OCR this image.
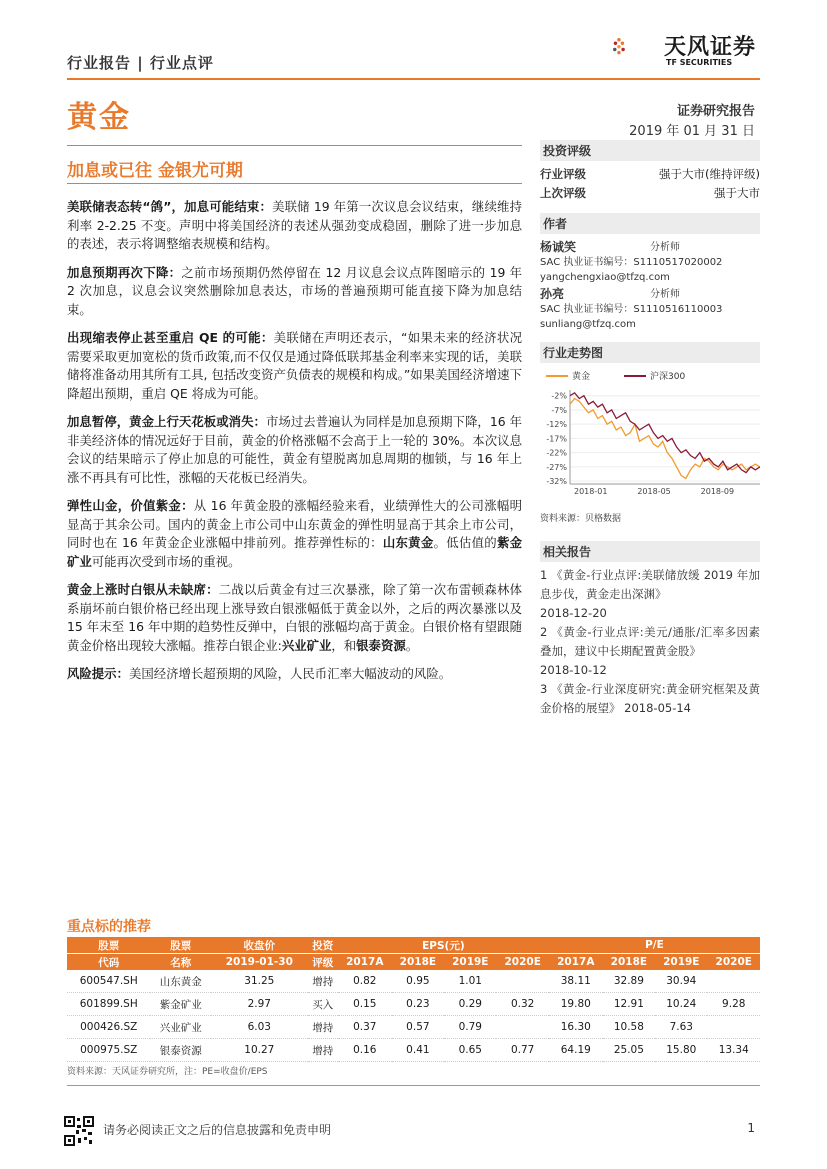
行业报告 | 行业点评
天风证券
TF SECURITIES
黄金	证券研究报告
2019 年 01 月 31 日
加息或已往 金银尤可期

美联储表态转“鸽”，加息可能结束：美联储 19 年第一次议息会议结束，继续维持利率 2-2.25 不变。声明中将美国经济的表述从强劲变成稳固，删除了进一步加息的表述，表示将调整缩表规模和结构。

加息预期再次下降：之前市场预期仍然停留在 12 月议息会议点阵图暗示的 19 年 2 次加息，议息会议突然删除加息表达，市场的普遍预期可能直接下降为加息结束。

出现缩表停止甚至重启 QE 的可能：美联储在声明还表示，“如果未来的经济状况需要采取更加宽松的货币政策,而不仅仅是通过降低联邦基金利率来实现的话，美联储将准备动用其所有工具, 包括改变资产负债表的规模和构成。”如果美国经济增速下降超出预期，重启 QE 将成为可能。

加息暂停，黄金上行天花板或消失：市场过去普遍认为同样是加息预期下降，16 年非美经济体的情况远好于目前，黄金的价格涨幅不会高于上一轮的 30%。本次议息会议的结果暗示了停止加息的可能性，黄金有望脱离加息周期的枷锁，与 16 年上涨不再具有可比性，涨幅的天花板已经消失。

弹性山金，价值紫金：从 16 年黄金股的涨幅经验来看，业绩弹性大的公司涨幅明显高于其余公司。国内的黄金上市公司中山东黄金的弹性明显高于其余上市公司，同时也在 16 年黄金企业涨幅中排前列。推荐弹性标的：山东黄金。低估值的紫金矿业可能再次受到市场的重视。

黄金上涨时白银从未缺席：二战以后黄金有过三次暴涨，除了第一次布雷顿森林体系崩坏前白银价格已经出现上涨导致白银涨幅低于黄金以外，之后的两次暴涨以及 15 年末至 16 年中期的趋势性反弹中，白银的涨幅均高于黄金。白银价格有望跟随黄金价格出现较大涨幅。推荐白银企业:兴业矿业，和银泰资源。

风险提示：美国经济增长超预期的风险，人民币汇率大幅波动的风险。

投资评级
行业评级	强于大市(维持评级)
上次评级	强于大市
作者
杨诚笑	分析师
SAC 执业证书编号：S1110517020002
yangchengxiao@tfzq.com
孙亮	分析师
SAC 执业证书编号：S1110516110003
sunliang@tfzq.com
行业走势图
黄金	沪深300
-2%
-7%
-12%
-17%
-22%
-27%
-32%
2018-01	2018-05	2018-09
资料来源：贝格数据
相关报告
1 《黄金-行业点评:美联储放缓 2019 年加息步伐，黄金走出深渊》
2018-12-20
2 《黄金-行业点评:美元/通胀/汇率多因素叠加，建议中长期配置黄金股》
2018-10-12
3 《黄金-行业深度研究:黄金研究框架及黄金价格的展望》 2018-05-14
重点标的推荐
股票	股票	收盘价	投资	EPS(元)				P/E			
代码	名称	2019-01-30	评级	2017A	2018E	2019E	2020E	2017A	2018E	2019E	2020E
600547.SH	山东黄金	31.25	增持	0.82	0.95	1.01		38.11	32.89	30.94	
601899.SH	紫金矿业	2.97	买入	0.15	0.23	0.29	0.32	19.80	12.91	10.24	9.28
000426.SZ	兴业矿业	6.03	增持	0.37	0.57	0.79		16.30	10.58	7.63	
000975.SZ	银泰资源	10.27	增持	0.16	0.41	0.65	0.77	64.19	25.05	15.80	13.34
资料来源：天风证券研究所，注：PE=收盘价/EPS
请务必阅读正文之后的信息披露和免责申明	1
